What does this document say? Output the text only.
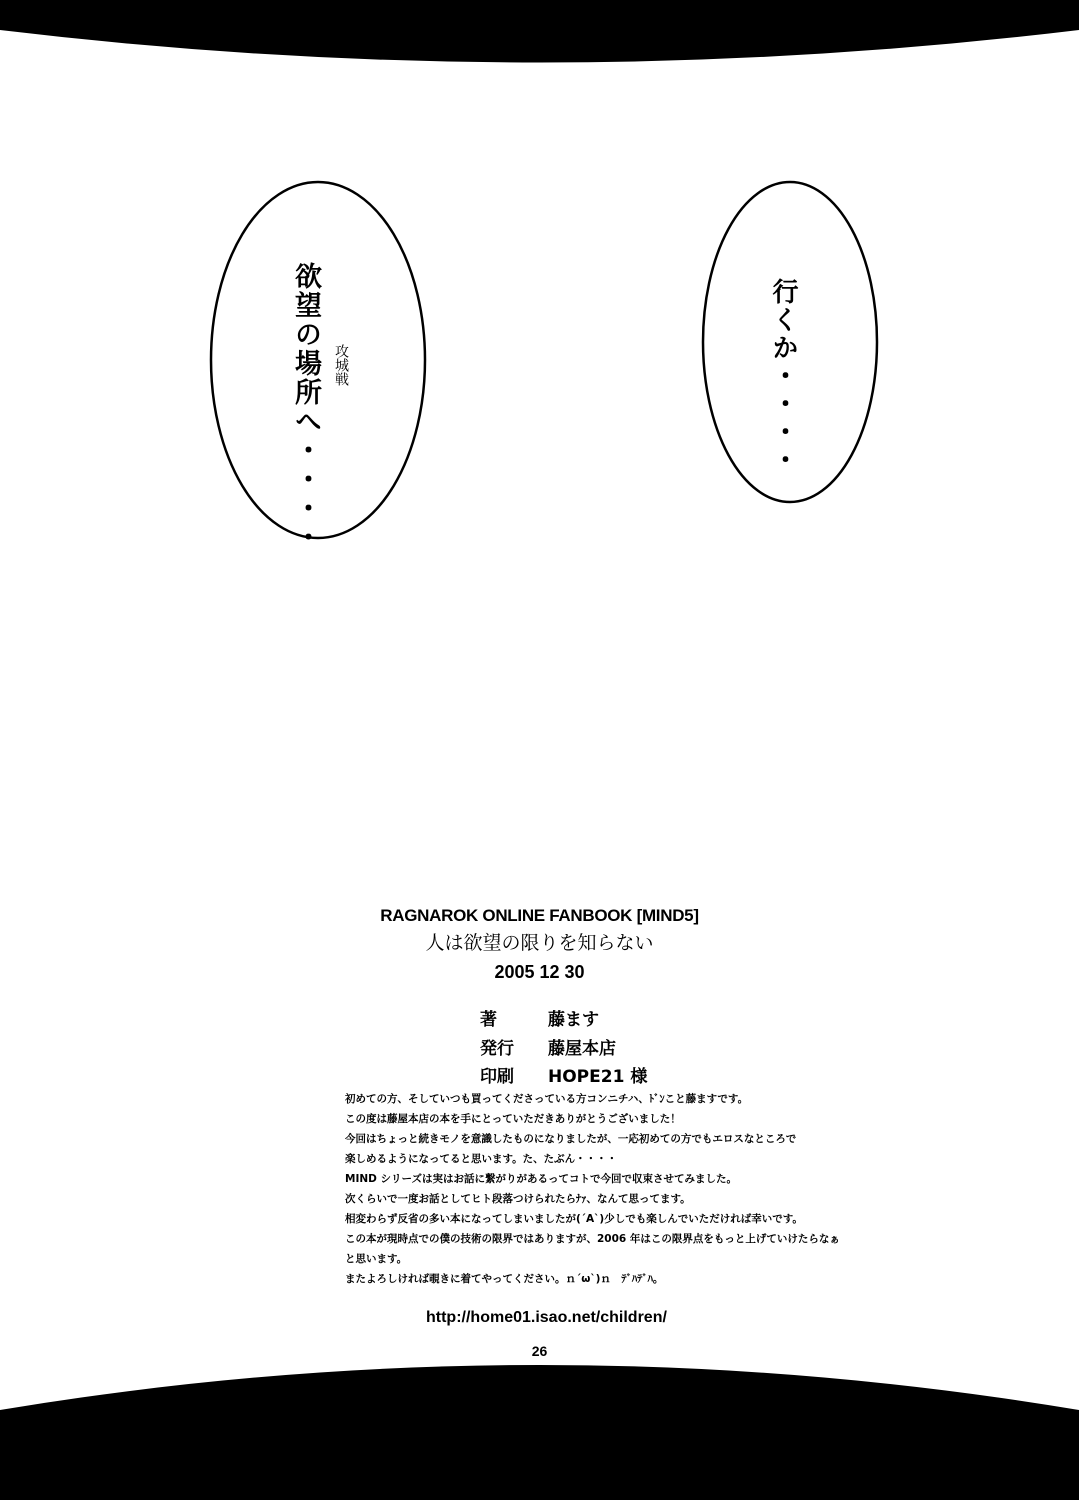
欲望の場所へ・・・・ 攻城戦	行くか・・・・
RAGNAROK ONLINE FANBOOK [MIND5]
人は欲望の限りを知らない
2005 12 30
著	藤ます
発行 藤屋本店
印刷 HOPE21 様
初めての方、そしていつも買ってくださっている方コンニチハ、ﾄﾞﾝこと藤ますです。
この度は藤屋本店の本を手にとっていただきありがとうございました！
今回はちょっと続きモノを意識したものになりましたが、一応初めての方でもエロスなところで
楽しめるようになってると思います。た、たぶん・・・・
MIND シリーズは実はお話に繋がりがあるってコトで今回で収束させてみました。
次くらいで一度お話としてヒト段落つけられたらﾅｧ、なんて思ってます。
相変わらず反省の多い本になってしまいましたが(´A`)少しでも楽しんでいただければ幸いです。
この本が現時点での僕の技術の限界ではありますが、2006 年はこの限界点をもっと上げていけたらなぁ
と思います。
またよろしければ覗きに着てやってください。ｎ´ω`)ｎ　ﾃﾞﾊﾃﾞﾊ。
http://home01.isao.net/children/
26
